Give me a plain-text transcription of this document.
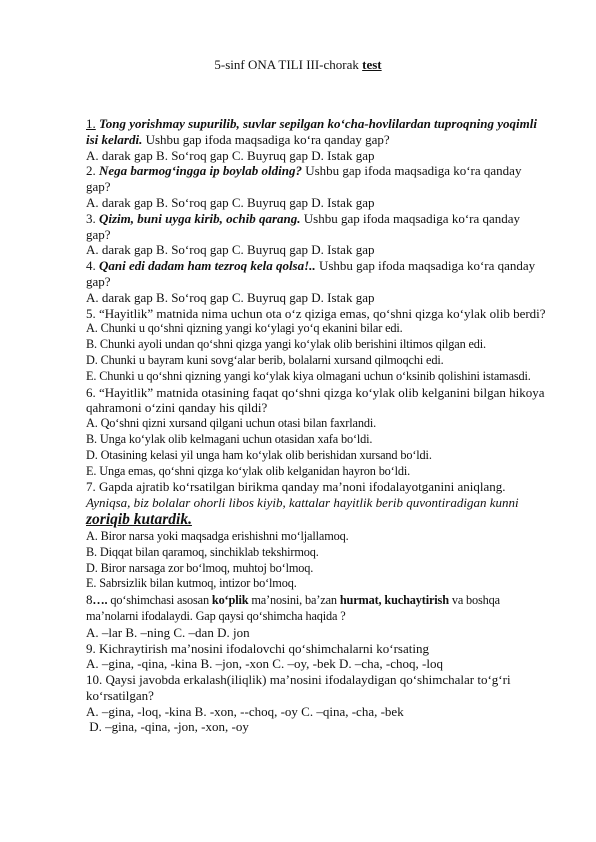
5-sinf ONA TILI III-chorak test
1. Tong yorishmay supurilib, suvlar sepilgan ko‘cha-hovlilardan tuproqning yoqimli isi kelardi. Ushbu gap ifoda maqsadiga ko‘ra qanday gap?
A. darak gap B. So‘roq gap C. Buyruq gap D. Istak gap
2. Nega barmog‘ingga ip boylab olding? Ushbu gap ifoda maqsadiga ko‘ra qanday gap?
A. darak gap B. So‘roq gap C. Buyruq gap D. Istak gap
3. Qizim, buni uyga kirib, ochib qarang. Ushbu gap ifoda maqsadiga ko‘ra qanday gap?
A. darak gap B. So‘roq gap C. Buyruq gap D. Istak gap
4. Qani edi dadam ham tezroq kela qolsa!.. Ushbu gap ifoda maqsadiga ko‘ra qanday gap?
A. darak gap B. So‘roq gap C. Buyruq gap D. Istak gap
5. “Hayitlik” matnida nima uchun ota o‘z qiziga emas, qo‘shni qizga ko‘ylak olib berdi?
A. Chunki u qo‘shni qizning yangi ko‘ylagi yo‘q ekanini bilar edi.
B. Chunki ayoli undan qo‘shni qizga yangi ko‘ylak olib berishini iltimos qilgan edi.
D. Chunki u bayram kuni sovg‘alar berib, bolalarni xursand qilmoqchi edi.
E. Chunki u qo‘shni qizning yangi ko‘ylak kiya olmagani uchun o‘ksinib qolishini istamasdi.
6. “Hayitlik” matnida otasining faqat qo‘shni qizga ko‘ylak olib kelganini bilgan hikoya qahramoni o‘zini qanday his qildi?
A. Qo‘shni qizni xursand qilgani uchun otasi bilan faxrlandi.
B. Unga ko‘ylak olib kelmagani uchun otasidan xafa bo‘ldi.
D. Otasining kelasi yil unga ham ko‘ylak olib berishidan xursand bo‘ldi.
E. Unga emas, qo‘shni qizga ko‘ylak olib kelganidan hayron bo‘ldi.
7. Gapda ajratib ko‘rsatilgan birikma qanday ma’noni ifodalayotganini aniqlang.
Ayniqsa, biz bolalar ohorli libos kiyib, kattalar hayitlik berib quvontiradigan kunni zoriqib kutardik.
A. Biror narsa yoki maqsadga erishishni mo‘ljallamoq.
B. Diqqat bilan qaramoq, sinchiklab tekshirmoq.
D. Biror narsaga zor bo‘lmoq, muhtoj bo‘lmoq.
E. Sabrsizlik bilan kutmoq, intizor bo‘lmoq.
8…. qo‘shimchasi asosan ko‘plik ma’nosini, ba’zan hurmat, kuchaytirish va boshqa ma’nolarni ifodalaydi. Gap qaysi qo‘shimcha haqida ?
A. –lar B. –ning C. –dan D. jon
9. Kichraytirish ma’nosini ifodalovchi qo‘shimchalarni ko‘rsating
A. –gina, -qina, -kina B. –jon, -xon C. –oy, -bek D. –cha, -choq, -loq
10. Qaysi javobda erkalash(iliqlik) ma’nosini ifodalaydigan qo‘shimchalar to‘g‘ri ko‘rsatilgan?
A. –gina, -loq, -kina B. -xon, --choq, -oy C. –qina, -cha, -bek
D. –gina, -qina, -jon, -xon, -oy
